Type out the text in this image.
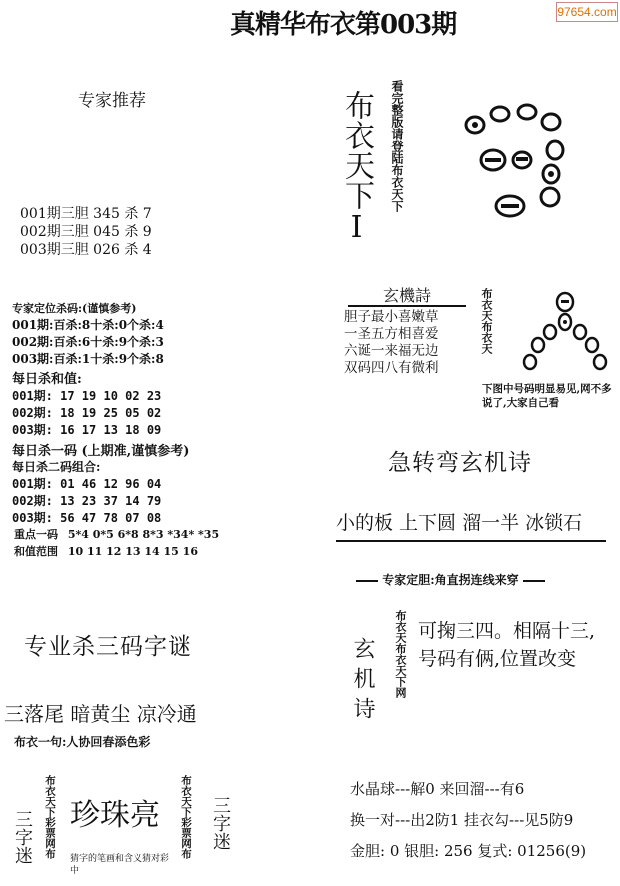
97654.com
真精华布衣第003期
专家推荐
001期三胆 345 杀 7
002期三胆 045 杀 9
003期三胆 026 杀 4
专家定位杀码:(谨慎参考)
001期:百杀:8十杀:0个杀:4
002期:百杀:6十杀:9个杀:3
003期:百杀:1十杀:9个杀:8
每日杀和值:
001期: 17 19 10 02 23
002期: 18 19 25 05 02
003期: 16 17 13 18 09
每日杀一码 (上期准,谨慎参考)
每日杀二码组合:
001期: 01 46 12 96 04
002期: 13 23 37 14 79
003期: 56 47 78 07 08
重点一码 5*4 0*5 6*8 8*3 *34* *35
和值范围 10 11 12 13 14 15 16
专业杀三码字谜
三落尾 暗黄尘 凉冷通
布衣一句:人协回春添色彩
三字迷 布衣天下彩票网布 珍珠亮
猜字的笔画和含义猜对彩中
布衣天下彩票网布 三字迷
布衣天下I 看完整版请登陆布衣天下
玄機詩
胆子最小喜嫩草
一圣五方相喜爱
六诞一来福无边
双码四八有微利
布衣天布衣天
下图中号码明显易见,网不多说了,大家自己看
急转弯玄机诗
小的板 上下圆 溜一半 冰锁石
专家定胆:角直拐连线来穿
玄机诗 布衣天布衣天下网 可掬三四。相隔十三,
号码有俩,位置改变
水晶球---解0 来回溜---有6
换一对---出2防1 挂衣勾---见5防9
金胆: 0 银胆: 256 复式: 01256(9)
